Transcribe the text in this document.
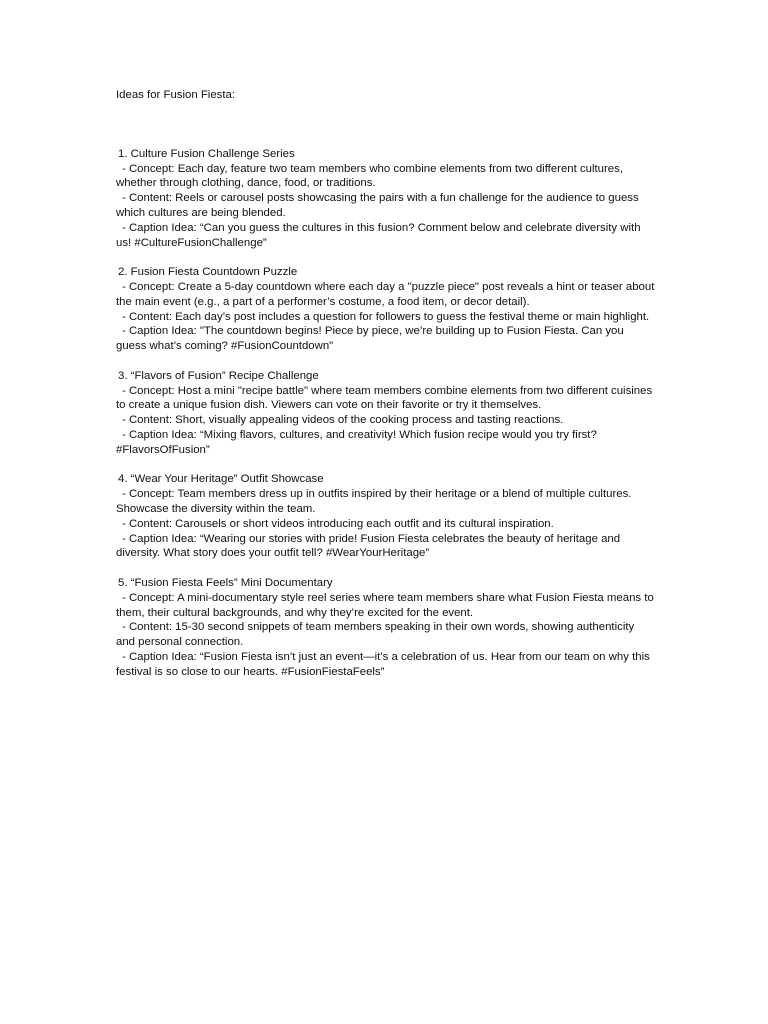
Ideas for Fusion Fiesta:

1. Culture Fusion Challenge Series

- Concept: Each day, feature two team members who combine elements from two different cultures, whether through clothing, dance, food, or traditions.

- Content: Reels or carousel posts showcasing the pairs with a fun challenge for the audience to guess which cultures are being blended.

- Caption Idea: “Can you guess the cultures in this fusion? Comment below and celebrate diversity with us! #CultureFusionChallenge”

2. Fusion Fiesta Countdown Puzzle

- Concept: Create a 5-day countdown where each day a "puzzle piece" post reveals a hint or teaser about the main event (e.g., a part of a performer’s costume, a food item, or decor detail).

- Content: Each day’s post includes a question for followers to guess the festival theme or main highlight.

- Caption Idea: "The countdown begins! Piece by piece, we’re building up to Fusion Fiesta. Can you guess what’s coming? #FusionCountdown"

3. “Flavors of Fusion” Recipe Challenge

- Concept: Host a mini "recipe battle" where team members combine elements from two different cuisines to create a unique fusion dish. Viewers can vote on their favorite or try it themselves.

- Content: Short, visually appealing videos of the cooking process and tasting reactions.

- Caption Idea: “Mixing flavors, cultures, and creativity! Which fusion recipe would you try first? #FlavorsOfFusion”

4. “Wear Your Heritage” Outfit Showcase

- Concept: Team members dress up in outfits inspired by their heritage or a blend of multiple cultures. Showcase the diversity within the team.

- Content: Carousels or short videos introducing each outfit and its cultural inspiration.

- Caption Idea: “Wearing our stories with pride! Fusion Fiesta celebrates the beauty of heritage and diversity. What story does your outfit tell? #WearYourHeritage”

5. “Fusion Fiesta Feels” Mini Documentary

- Concept: A mini-documentary style reel series where team members share what Fusion Fiesta means to them, their cultural backgrounds, and why they’re excited for the event.

- Content: 15-30 second snippets of team members speaking in their own words, showing authenticity and personal connection.

- Caption Idea: “Fusion Fiesta isn’t just an event—it’s a celebration of us. Hear from our team on why this festival is so close to our hearts. #FusionFiestaFeels”
